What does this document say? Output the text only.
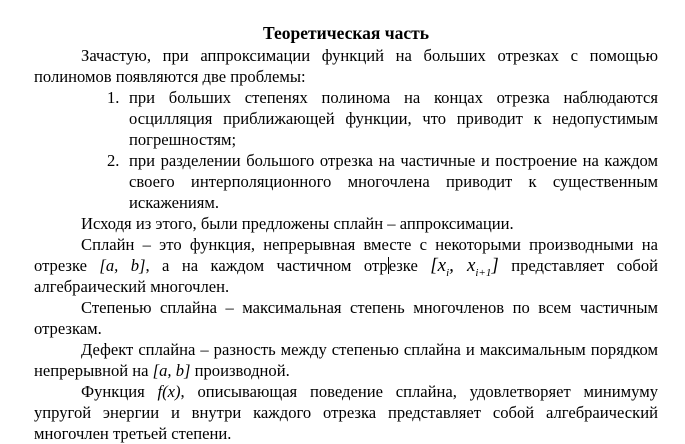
Теоретическая часть

Зачастую, при аппроксимации функций на больших отрезках с помощью полиномов появляются две проблемы:

1. при больших степенях полинома на концах отрезка наблюдаются осцилляция приближающей функции, что приводит к недопустимым погрешностям;
2. при разделении большого отрезка на частичные и построение на каждом своего интерполяционного многочлена приводит к существенным искажениям.

Исходя из этого, были предложены сплайн – аппроксимации.

Сплайн – это функция, непрерывная вместе с некоторыми производными на отрезке [a, b], а на каждом частичном отрезке [$x_i$, $x_{i+1}$] представляет собой алгебраический многочлен.

Степенью сплайна – максимальная степень многочленов по всем частичным отрезкам.

Дефект сплайна – разность между степенью сплайна и максимальным порядком непрерывной на [a, b] производной.

Функция f(x), описывающая поведение сплайна, удовлетворяет минимуму упругой энергии и внутри каждого отрезка представляет собой алгебраический многочлен третьей степени.
